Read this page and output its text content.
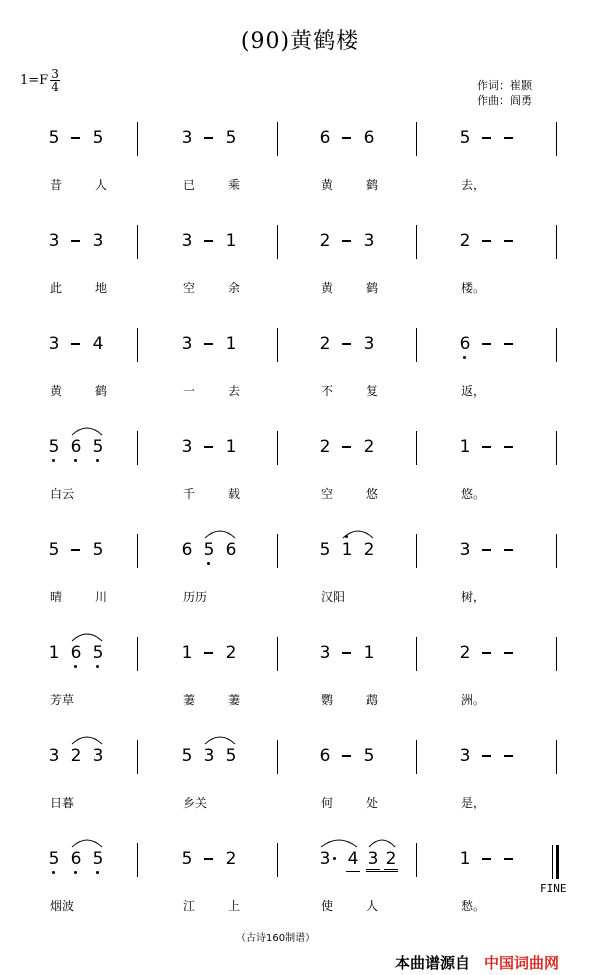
(90)黄鹤楼
$1=F \frac{3}{4}$	作词：崔颢
作曲：阎勇
5 5
昔	人
3 5
已	乘
6 6
黄	鹤
5
去，
3 3
此	地
3 1
空	余
2 3
黄	鹤
2
楼。
3 4
黄	鹤
3 1
一	去
2 3
不	复
6
返，
5 6 5
白云
3 1
千	载
2 2
空	悠
1
悠。
5 5
晴	川
6 5 6
历历
5 1 2
汉阳
3
树，
1 6 5
芳草
1 2
萋	萋
3 1
鹦	鹉
2
洲。
3 2 3
日暮
5 3 5
乡关
6 5
何	处
3
是，
FINE
5 6 5
烟波
5 2
江	上
3 4 3 2
使	人
1
愁。
（古诗160制谱）
本曲谱源自 中国词曲网
